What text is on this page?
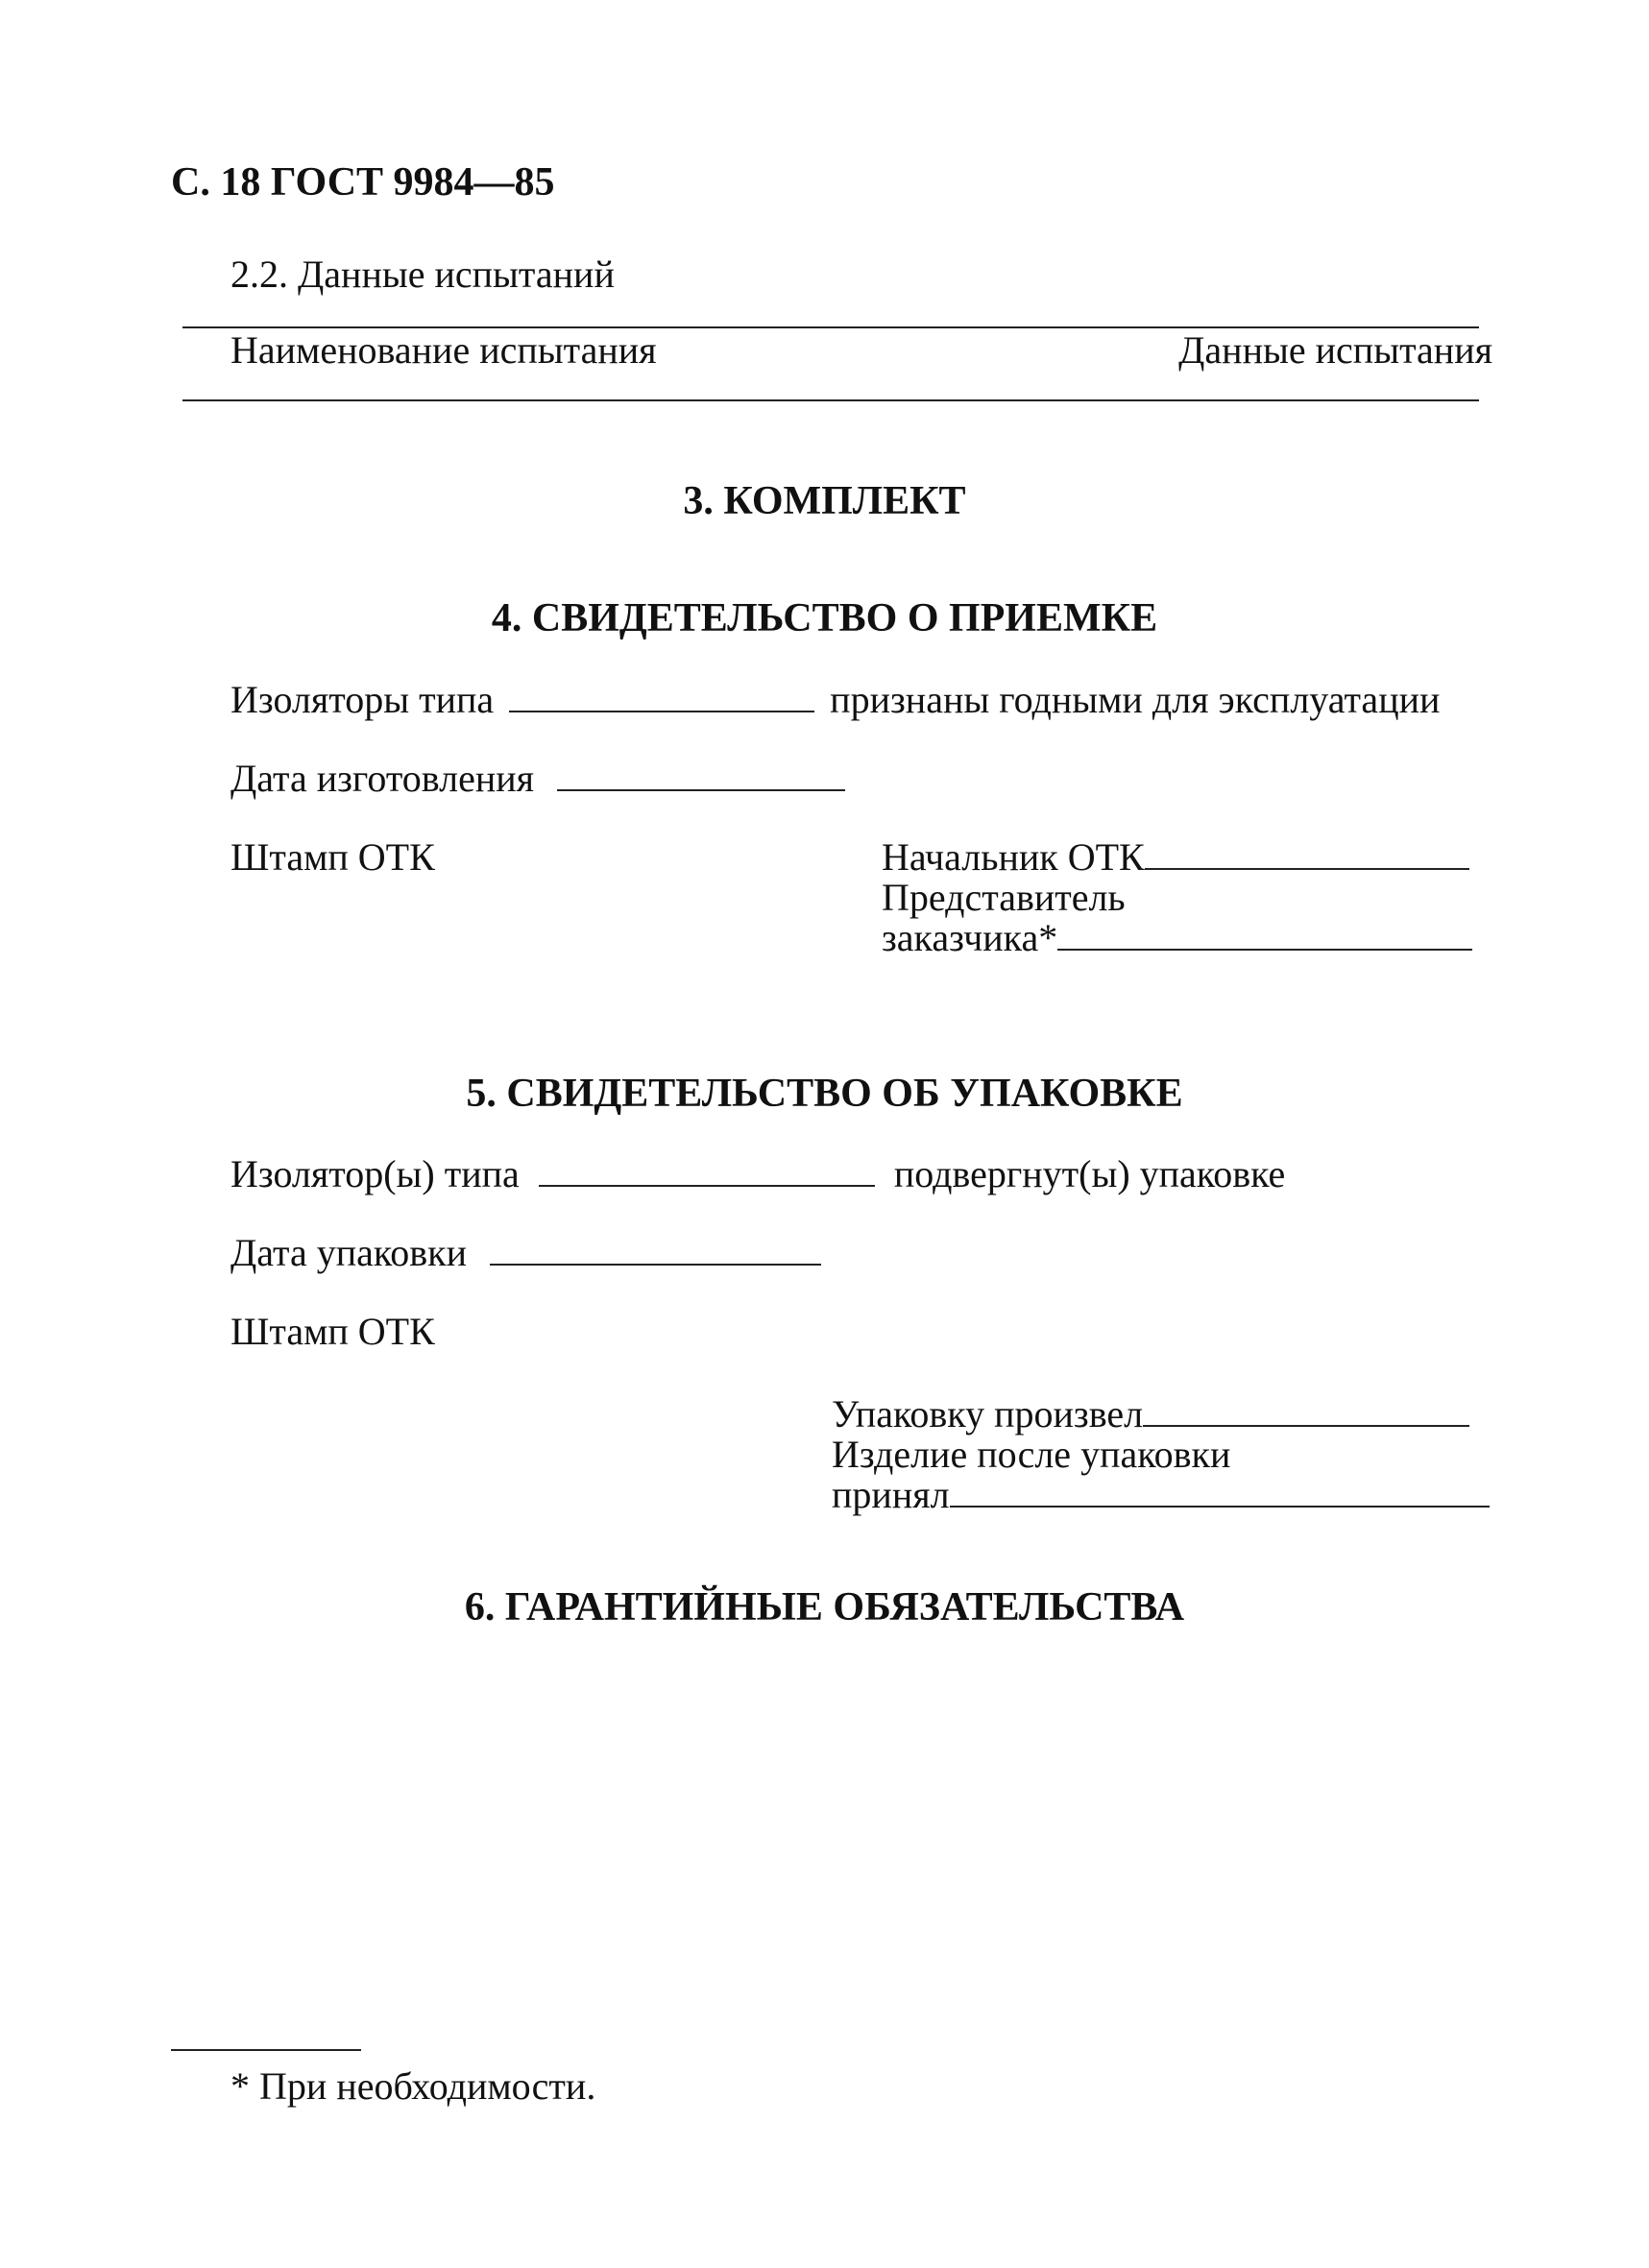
С. 18 ГОСТ 9984—85
2.2. Данные испытаний
Наименование испытания	Данные испытания
3. КОМПЛЕКТ
4. СВИДЕТЕЛЬСТВО О ПРИЕМКЕ
Изоляторы типа	признаны годными для эксплуатации
Дата изготовления
Штамп ОТК	Начальник ОТК
Представитель
заказчика*
5. СВИДЕТЕЛЬСТВО ОБ УПАКОВКЕ
Изолятор(ы) типа	подвергнут(ы) упаковке
Дата упаковки
Штамп ОТК
Упаковку произвел
Изделие после упаковки
принял
6. ГАРАНТИЙНЫЕ ОБЯЗАТЕЛЬСТВА
* При необходимости.
